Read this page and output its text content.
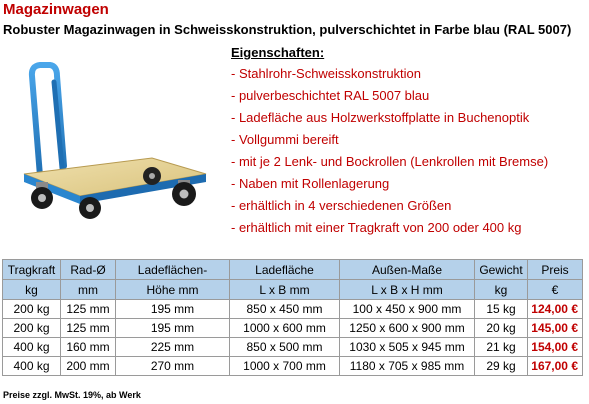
Magazinwagen
Robuster Magazinwagen in Schweisskonstruktion, pulverschichtet in Farbe blau (RAL 5007)
Eigenschaften:
- Stahlrohr-Schweisskonstruktion
- pulverbeschichtet RAL 5007 blau
- Ladefläche aus Holzwerkstoffplatte in Buchenoptik
- Vollgummi bereift
- mit je 2 Lenk- und Bockrollen (Lenkrollen mit Bremse)
- Naben mit Rollenlagerung
- erhältlich in 4 verschiedenen Größen
- erhältlich mit einer Tragkraft von 200 oder 400 kg
Tragkraft	Rad-Ø	Ladeflächen-	Ladefläche	Außen-Maße	Gewicht	Preis
kg	mm	Höhe mm	L x B mm	L x B x H mm	kg	€
200 kg	125 mm	195 mm	850 x 450 mm	100 x 450 x 900 mm	15 kg	124,00 €
200 kg	125 mm	195 mm	1000 x 600 mm	1250 x 600 x 900 mm	20 kg	145,00 €
400 kg	160 mm	225 mm	850 x 500 mm	1030 x 505 x 945 mm	21 kg	154,00 €
400 kg	200 mm	270 mm	1000 x 700 mm	1180 x 705 x 985 mm	29 kg	167,00 €
Preise zzgl. MwSt. 19%, ab Werk
